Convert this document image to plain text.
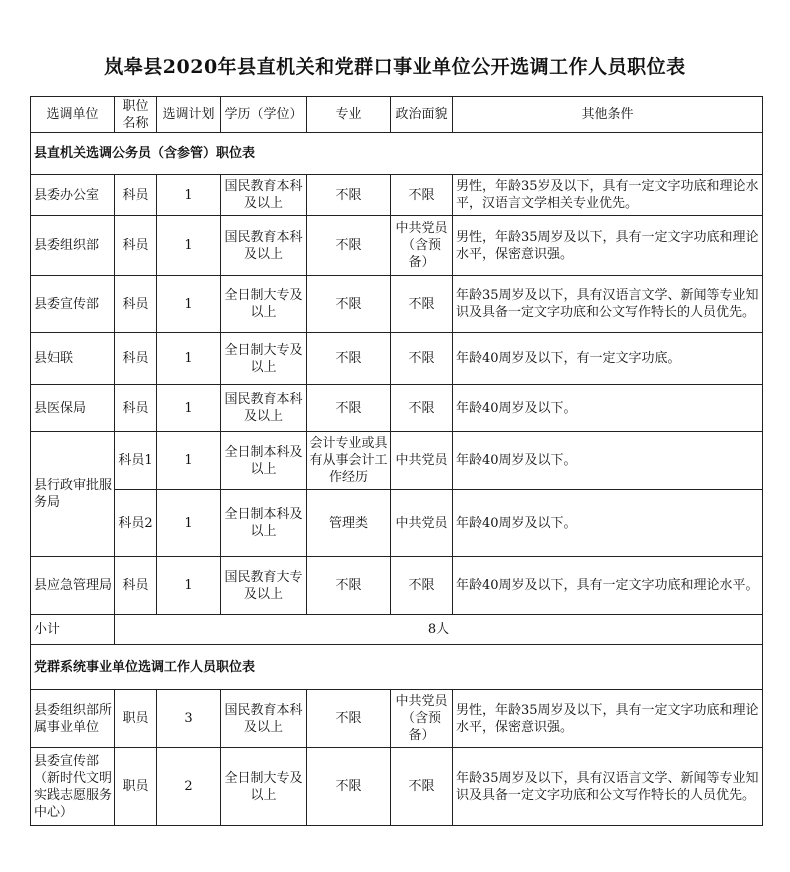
岚皋县2020年县直机关和党群口事业单位公开选调工作人员职位表
选调单位	职位名称	选调计划	学历（学位）	专业	政治面貌	其他条件
县直机关选调公务员（含参管）职位表						
县委办公室	科员	1	国民教育本科及以上	不限	不限	男性，年龄35岁及以下，具有一定文字功底和理论水平，汉语言文学相关专业优先。
县委组织部	科员	1	国民教育本科及以上	不限	中共党员（含预备）	男性，年龄35周岁及以下，具有一定文字功底和理论水平，保密意识强。
县委宣传部	科员	1	全日制大专及以上	不限	不限	年龄35周岁及以下，具有汉语言文学、新闻等专业知识及具备一定文字功底和公文写作特长的人员优先。
县妇联	科员	1	全日制大专及以上	不限	不限	年龄40周岁及以下，有一定文字功底。
县医保局	科员	1	国民教育本科及以上	不限	不限	年龄40周岁及以下。
县行政审批服务局	科员1	1	全日制本科及以上	会计专业或具有从事会计工作经历	中共党员	年龄40周岁及以下。
	科员2	1	全日制本科及以上	管理类	中共党员	年龄40周岁及以下。
县应急管理局	科员	1	国民教育大专及以上	不限	不限	年龄40周岁及以下，具有一定文字功底和理论水平。
小计	8人					
党群系统事业单位选调工作人员职位表						
县委组织部所属事业单位	职员	3	国民教育本科及以上	不限	中共党员（含预备）	男性，年龄35周岁及以下，具有一定文字功底和理论水平，保密意识强。
县委宣传部（新时代文明实践志愿服务中心）	职员	2	全日制大专及以上	不限	不限	年龄35周岁及以下，具有汉语言文学、新闻等专业知识及具备一定文字功底和公文写作特长的人员优先。
